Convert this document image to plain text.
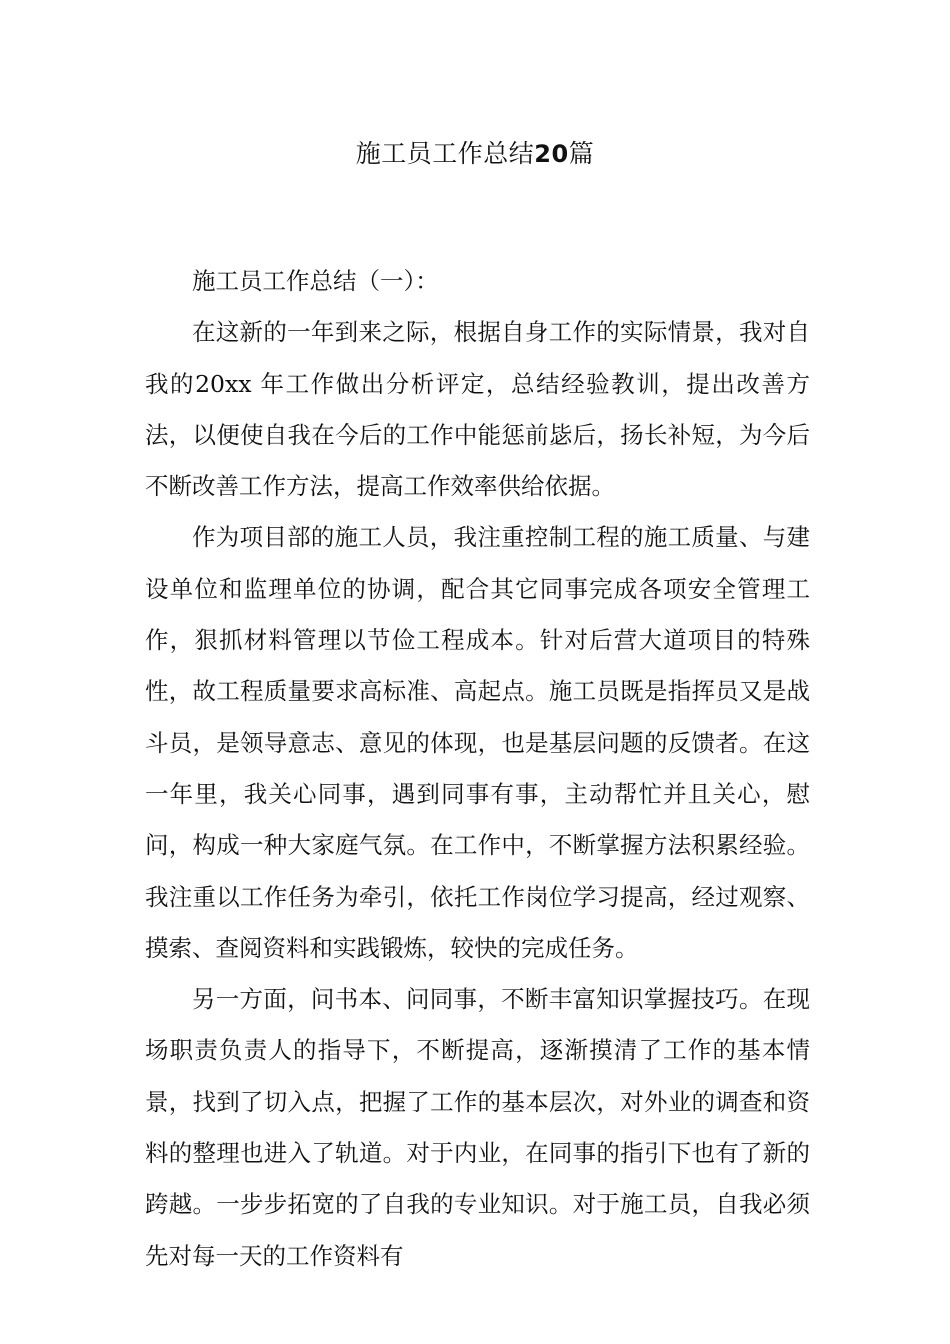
施工员工作总结20篇

施工员工作总结（一）：

在这新的一年到来之际，根据自身工作的实际情景，我对自我的20xx 年工作做出分析评定，总结经验教训，提出改善方法，以便使自我在今后的工作中能惩前毖后，扬长补短，为今后不断改善工作方法，提高工作效率供给依据。

作为项目部的施工人员，我注重控制工程的施工质量、与建设单位和监理单位的协调，配合其它同事完成各项安全管理工作，狠抓材料管理以节俭工程成本。针对后营大道项目的特殊性，故工程质量要求高标准、高起点。施工员既是指挥员又是战斗员，是领导意志、意见的体现，也是基层问题的反馈者。在这一年里，我关心同事，遇到同事有事，主动帮忙并且关心，慰问，构成一种大家庭气氛。在工作中，不断掌握方法积累经验。我注重以工作任务为牵引，依托工作岗位学习提高，经过观察、摸索、查阅资料和实践锻炼，较快的完成任务。

另一方面，问书本、问同事，不断丰富知识掌握技巧。在现场职责负责人的指导下，不断提高，逐渐摸清了工作的基本情景，找到了切入点，把握了工作的基本层次，对外业的调查和资料的整理也进入了轨道。对于内业，在同事的指引下也有了新的跨越。一步步拓宽的了自我的专业知识。对于施工员，自我必须先对每一天的工作资料有
